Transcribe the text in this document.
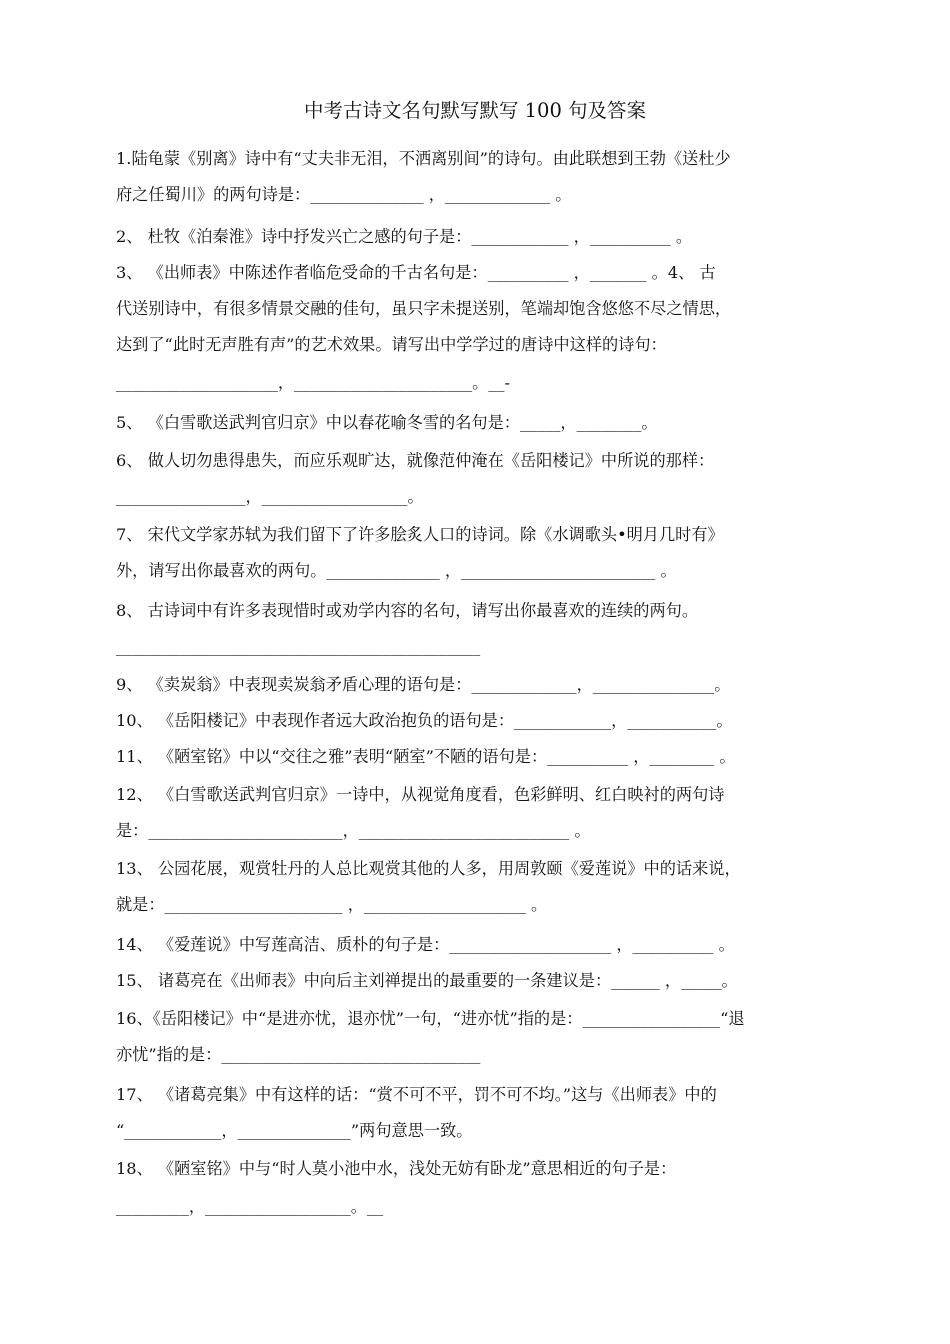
中考古诗文名句默写默写 100 句及答案
1.陆龟蒙《别离》诗中有“丈夫非无泪，不洒离别间”的诗句。由此联想到王勃《送杜少
府之任蜀川》的两句诗是：______________ ，_____________ 。
2、 杜牧《泊秦淮》诗中抒发兴亡之感的句子是：____________ ，__________ 。
3、 《出师表》中陈述作者临危受命的千古名句是：__________ ，_______ 。4、 古
代送别诗中，有很多情景交融的佳句，虽只字未提送别，笔端却饱含悠悠不尽之情思，
达到了“此时无声胜有声”的艺术效果。请写出中学学过的唐诗中这样的诗句：
____________________，______________________。__-
5、 《白雪歌送武判官归京》中以春花喻冬雪的名句是：_____，________。
6、 做人切勿患得患失，而应乐观旷达，就像范仲淹在《岳阳楼记》中所说的那样：
________________，__________________。
7、 宋代文学家苏轼为我们留下了许多脍炙人口的诗词。除《水调歌头•明月几时有》
外，请写出你最喜欢的两句。______________ ，________________________ 。
8、 古诗词中有许多表现惜时或劝学内容的名句，请写出你最喜欢的连续的两句。
_____________________________________________
9、 《卖炭翁》中表现卖炭翁矛盾心理的语句是：_____________，_______________。
10、 《岳阳楼记》中表现作者远大政治抱负的语句是：____________，___________。
11、 《陋室铭》中以“交往之雅”表明“陋室”不陋的语句是：__________ ，________ 。
12、 《白雪歌送武判官归京》一诗中，从视觉角度看，色彩鲜明、红白映衬的两句诗
是：________________________，__________________________ 。
13、 公园花展，观赏牡丹的人总比观赏其他的人多，用周敦颐《爱莲说》中的话来说，
就是：______________________ ，____________________ 。
14、 《爱莲说》中写莲高洁、质朴的句子是：____________________ ，__________ 。
15、 诸葛亮在《出师表》中向后主刘禅提出的最重要的一条建议是：______ ，_____。
16、《岳阳楼记》中“是进亦忧，退亦忧”一句，“进亦忧”指的是：_________________“退
亦忧”指的是：________________________________
17、 《诸葛亮集》中有这样的话：“赏不可不平，罚不可不均。”这与《出师表》中的
“____________，______________”两句意思一致。
18、 《陋室铭》中与“时人莫小池中水，浅处无妨有卧龙”意思相近的句子是：
_________，__________________。__
